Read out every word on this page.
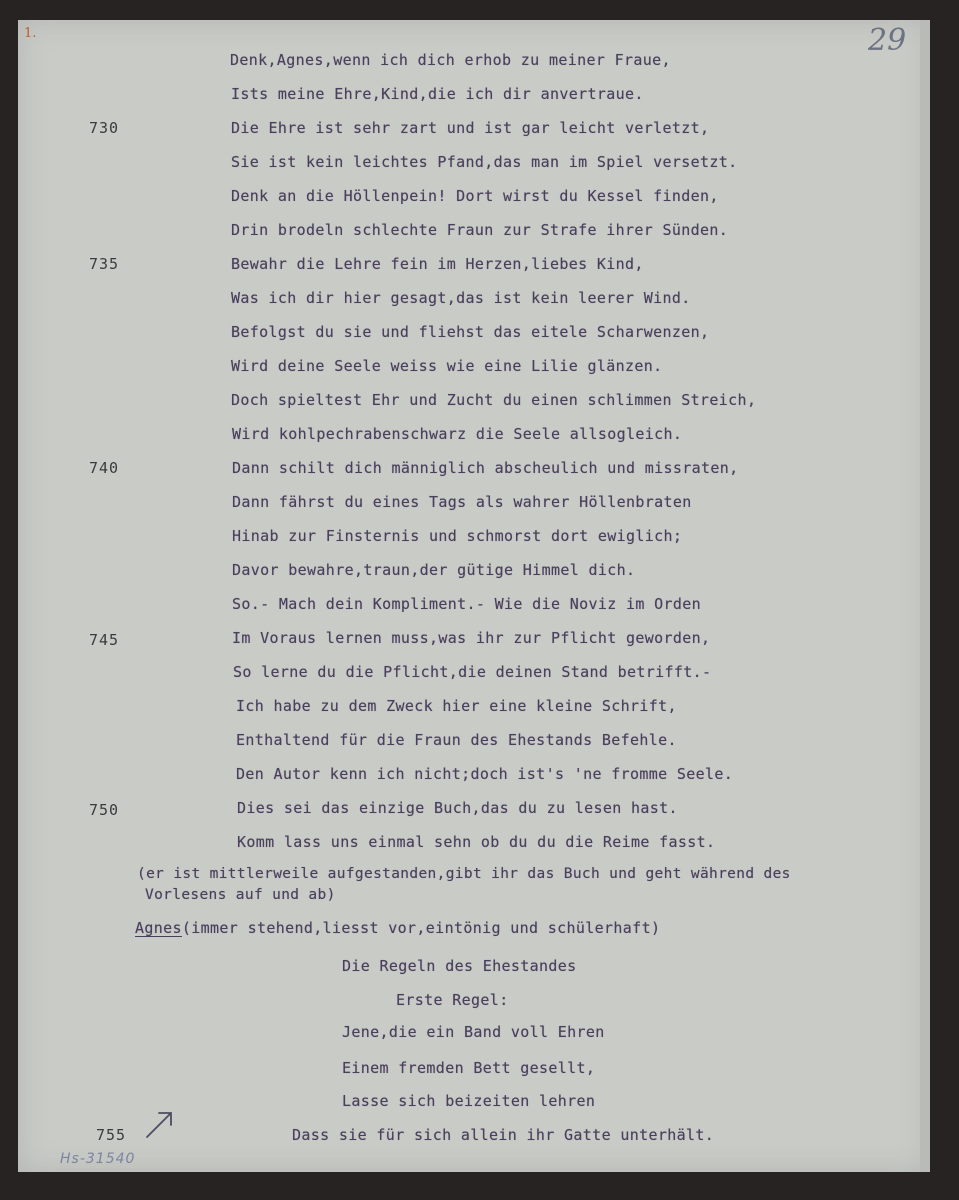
1.	29
Denk,Agnes,wenn ich dich erhob zu meiner Fraue,
Ists meine Ehre,Kind,die ich dir anvertraue.
Die Ehre ist sehr zart und ist gar leicht verletzt,
Sie ist kein leichtes Pfand,das man im Spiel versetzt.
Denk an die Höllenpein! Dort wirst du Kessel finden,
Drin brodeln schlechte Fraun zur Strafe ihrer Sünden.
Bewahr die Lehre fein im Herzen,liebes Kind,
Was ich dir hier gesagt,das ist kein leerer Wind.
Befolgst du sie und fliehst das eitele Scharwenzen,
Wird deine Seele weiss wie eine Lilie glänzen.
Doch spieltest Ehr und Zucht du einen schlimmen Streich,
Wird kohlpechrabenschwarz die Seele allsogleich.
Dann schilt dich männiglich abscheulich und missraten,
Dann fährst du eines Tags als wahrer Höllenbraten
Hinab zur Finsternis und schmorst dort ewiglich;
Davor bewahre,traun,der gütige Himmel dich.
So.- Mach dein Kompliment.- Wie die Noviz im Orden
Im Voraus lernen muss,was ihr zur Pflicht geworden,
So lerne du die Pflicht,die deinen Stand betrifft.-
Ich habe zu dem Zweck hier eine kleine Schrift,
Enthaltend für die Fraun des Ehestands Befehle.
Den Autor kenn ich nicht;doch ist's 'ne fromme Seele.
Dies sei das einzige Buch,das du zu lesen hast.
Komm lass uns einmal sehn ob du du die Reime fasst.
730
735
740
745
750
755
(er ist mittlerweile aufgestanden,gibt ihr das Buch und geht während des
Vorlesens auf und ab)
Agnes(immer stehend,liesst vor,eintönig und schülerhaft)
Die Regeln des Ehestandes
Erste Regel:
Jene,die ein Band voll Ehren
Einem fremden Bett gesellt,
Lasse sich beizeiten lehren
Dass sie für sich allein ihr Gatte unterhält.
Hs-31540
